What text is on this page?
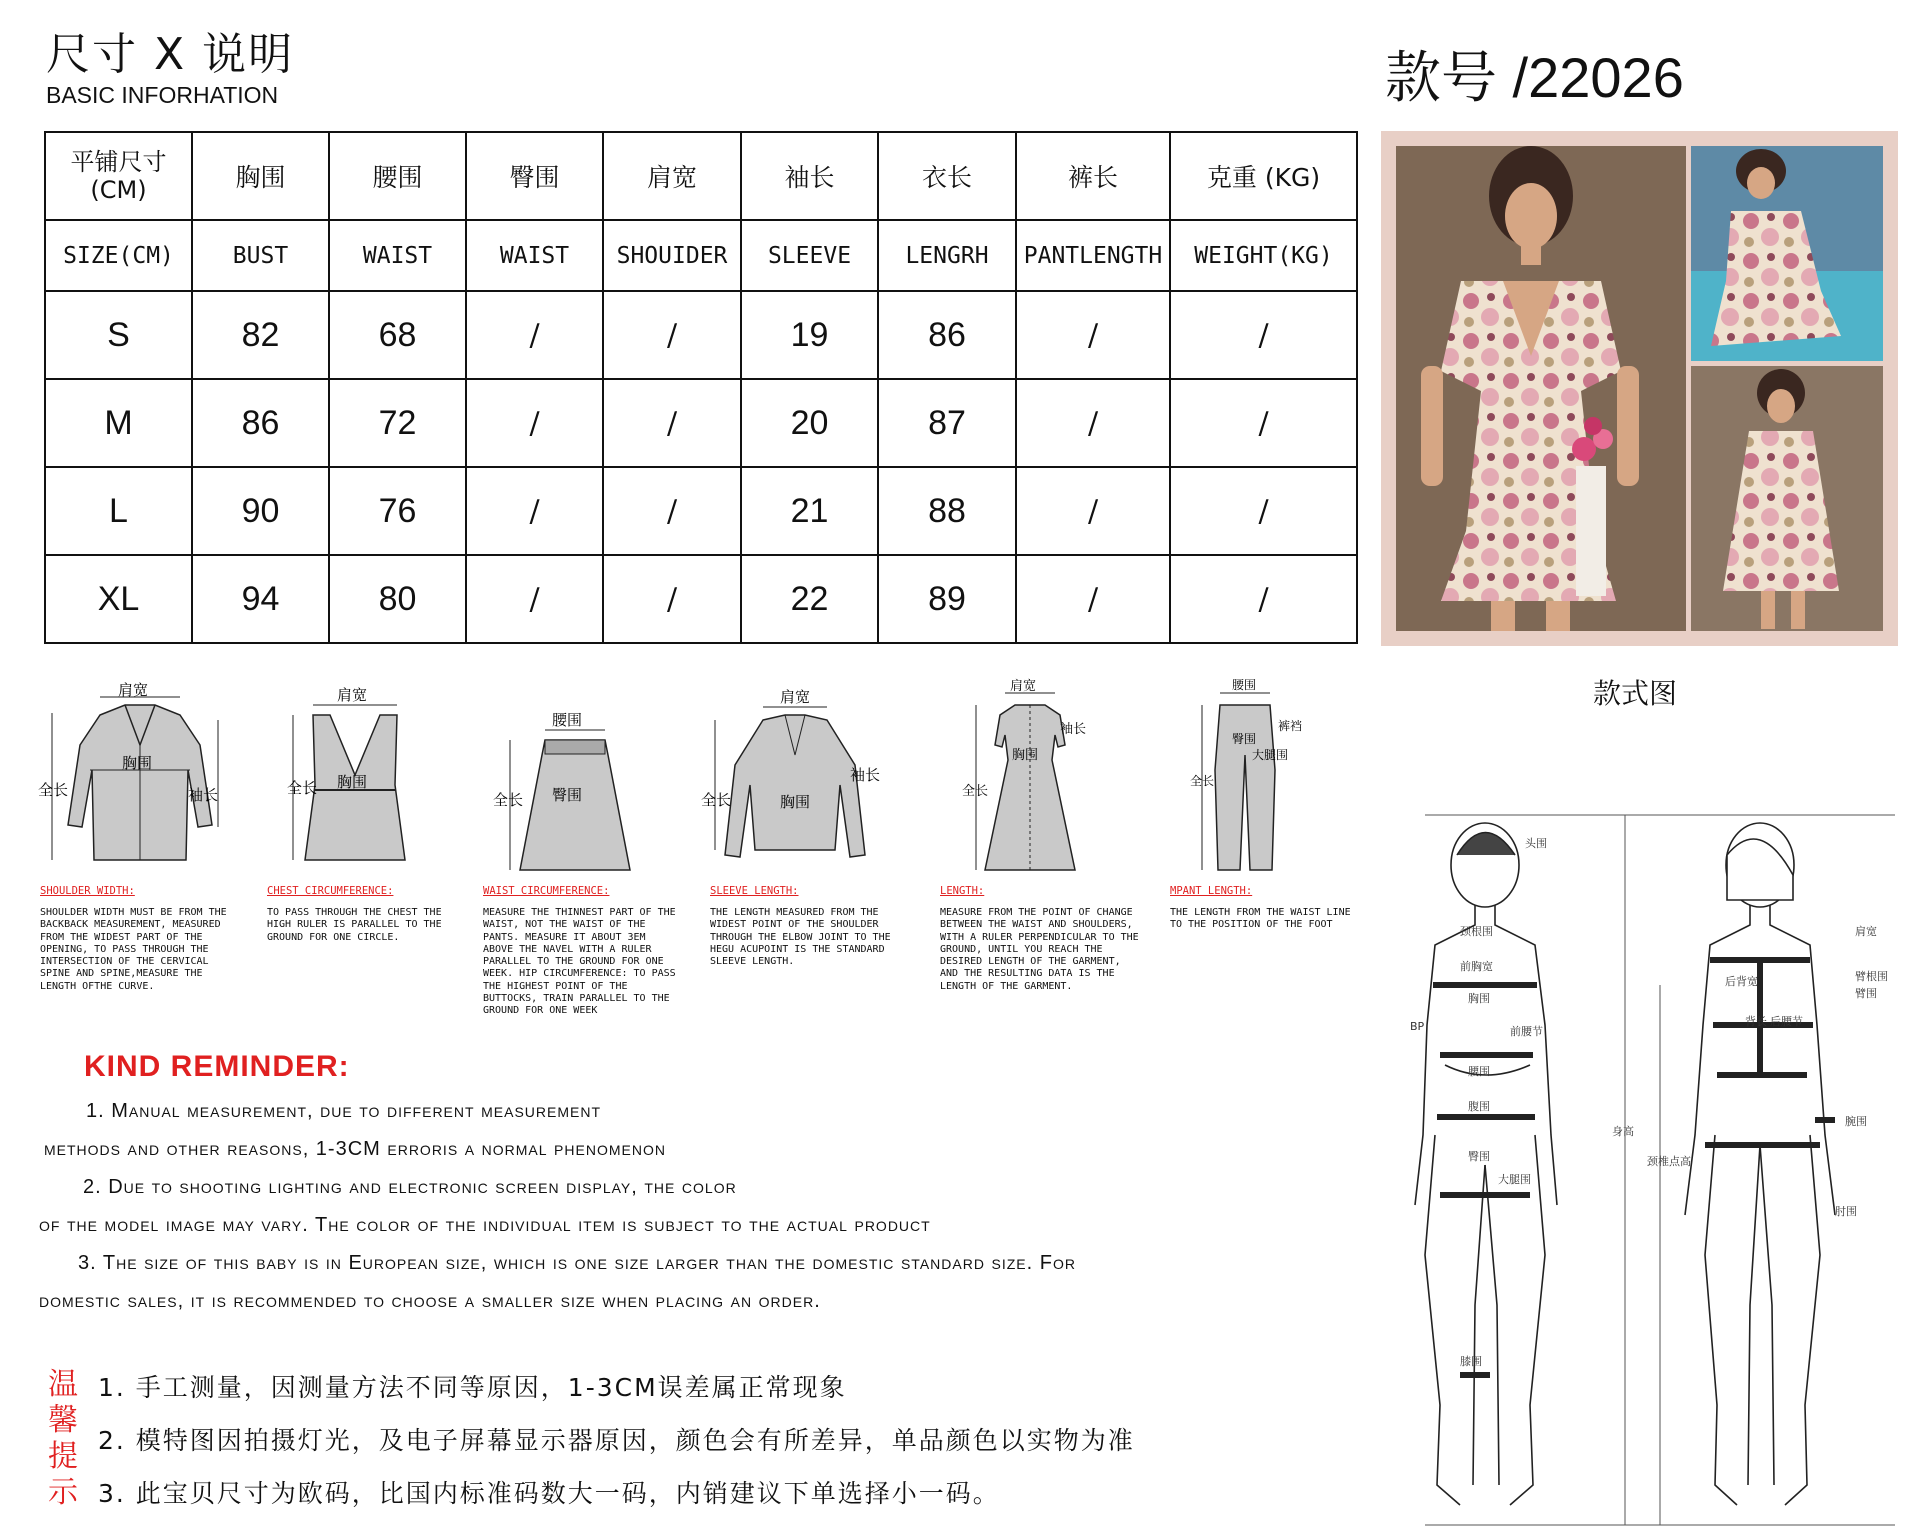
尺寸 X 说明
BASIC INFORHATION	款号 /22026
平铺尺寸
(CM)	胸围	腰围	臀围	肩宽	袖长	衣长	裤长	克重 (KG)
SIZE(CM)	BUST	WAIST	WAIST	SHOUIDER	SLEEVE	LENGRH	PANTLENGTH	WEIGHT(KG)
S	82	68	/	/	19	86	/	/
M	86	72	/	/	20	87	/	/
L	90	76	/	/	21	88	/	/
XL	94	80	/	/	22	89	/	/
款式图
肩宽
胸围
全长	袖长
SHOULDER WIDTH:
SHOULDER WIDTH MUST BE FROM THE BACKBACK MEASUREMENT, MEASURED FROM THE WIDEST PART OF THE OPENING, TO PASS THROUGH THE INTERSECTION OF THE CERVICAL SPINE AND SPINE,MEASURE THE LENGTH OFTHE CURVE.
肩宽
胸围
全长
CHEST CIRCUMFERENCE:
TO PASS THROUGH THE CHEST THE HIGH RULER IS PARALLEL TO THE GROUND FOR ONE CIRCLE.
腰围
臀围
全长
WAIST CIRCUMFERENCE:
MEASURE THE THINNEST PART OF THE WAIST, NOT THE WAIST OF THE PANTS. MEASURE IT ABOUT 3EM ABOVE THE NAVEL WITH A RULER PARALLEL TO THE GROUND FOR ONE WEEK. HIP CIRCUMFERENCE: TO PASS THE HIGHEST POINT OF THE BUTTOCKS, TRAIN PARALLEL TO THE GROUND FOR ONE WEEK
肩宽
胸围
全长
袖长
SLEEVE LENGTH:
THE LENGTH MEASURED FROM THE WIDEST POINT OF THE SHOULDER THROUGH THE ELBOW JOINT TO THE HEGU ACUPOINT IS THE STANDARD SLEEVE LENGTH.
肩宽
袖长
胸围
全长
LENGTH:
MEASURE FROM THE POINT OF CHANGE BETWEEN THE WAIST AND SHOULDERS, WITH A RULER PERPENDICULAR TO THE GROUND, UNTIL YOU REACH THE DESIRED LENGTH OF THE GARMENT, AND THE RESULTING DATA IS THE LENGTH OF THE GARMENT.
腰围
裤裆
臀围
大腿围
全长
MPANT LENGTH:
THE LENGTH FROM THE WAIST LINE TO THE POSITION OF THE FOOT
KIND REMINDER:
1. Manual measurement, due to different measurement
methods and other reasons, 1-3CM erroris a normal phenomenon
2. Due to shooting lighting and electronic screen display, the color
of the model image may vary. The color of the individual item is subject to the actual product
3. The size of this baby is in European size, which is one size larger than the domestic standard size. For
domestic sales, it is recommended to choose a smaller size when placing an order.
温馨提示
1. 手工测量，因测量方法不同等原因，1-3CM误差属正常现象
2. 模特图因拍摄灯光，及电子屏幕显示器原因，颜色会有所差异，单品颜色以实物为准
3. 此宝贝尺寸为欧码，比国内标准码数大一码，内销建议下单选择小一码。
头围
颈根围
前胸宽
胸围
BP	前腰节
腰围
腹围
臀围
大腿围
膝围
肩宽
臂根围
臂围
后背宽
背长 后腰节
腕围
肘围
身高
颈椎点高
